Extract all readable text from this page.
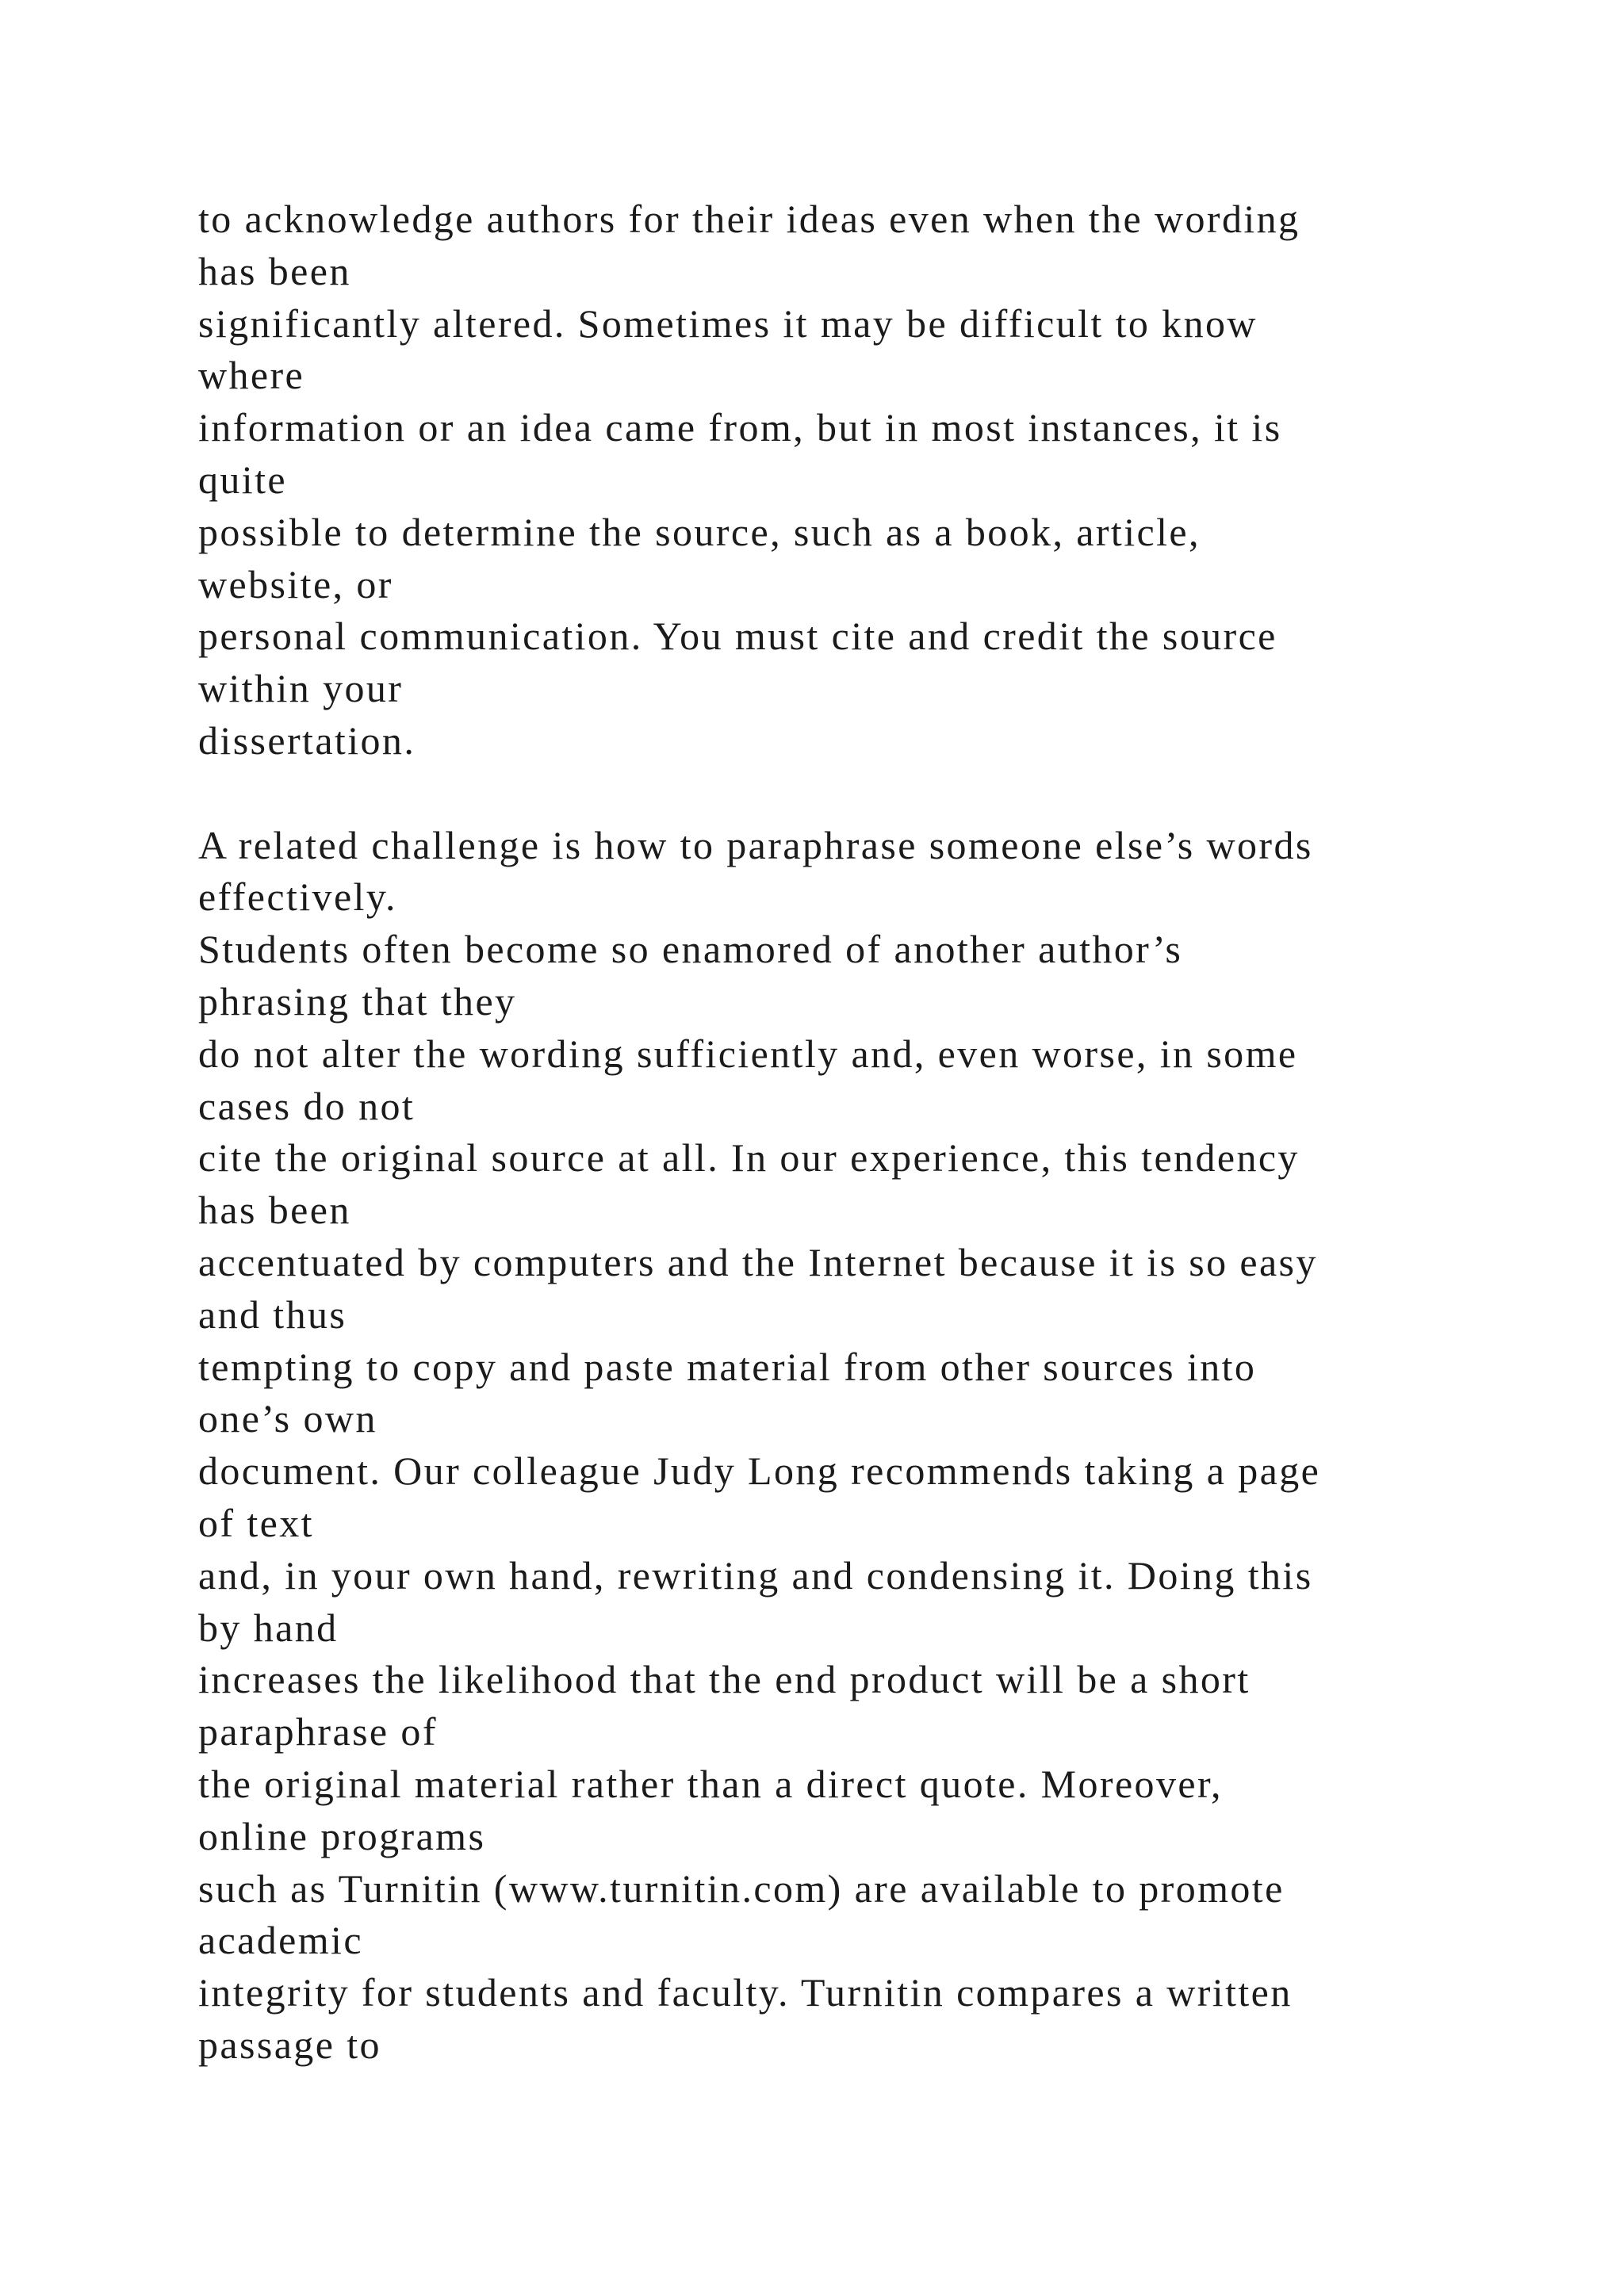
to acknowledge authors for their ideas even when the wording
has been
significantly altered. Sometimes it may be difficult to know
where
information or an idea came from, but in most instances, it is
quite
possible to determine the source, such as a book, article,
website, or
personal communication. You must cite and credit the source
within your
dissertation.

A related challenge is how to paraphrase someone else’s words
effectively.
Students often become so enamored of another author’s
phrasing that they
do not alter the wording sufficiently and, even worse, in some
cases do not
cite the original source at all. In our experience, this tendency
has been
accentuated by computers and the Internet because it is so easy
and thus
tempting to copy and paste material from other sources into
one’s own
document. Our colleague Judy Long recommends taking a page
of text
and, in your own hand, rewriting and condensing it. Doing this
by hand
increases the likelihood that the end product will be a short
paraphrase of
the original material rather than a direct quote. Moreover,
online programs
such as Turnitin (www.turnitin.com) are available to promote
academic
integrity for students and faculty. Turnitin compares a written
passage to
